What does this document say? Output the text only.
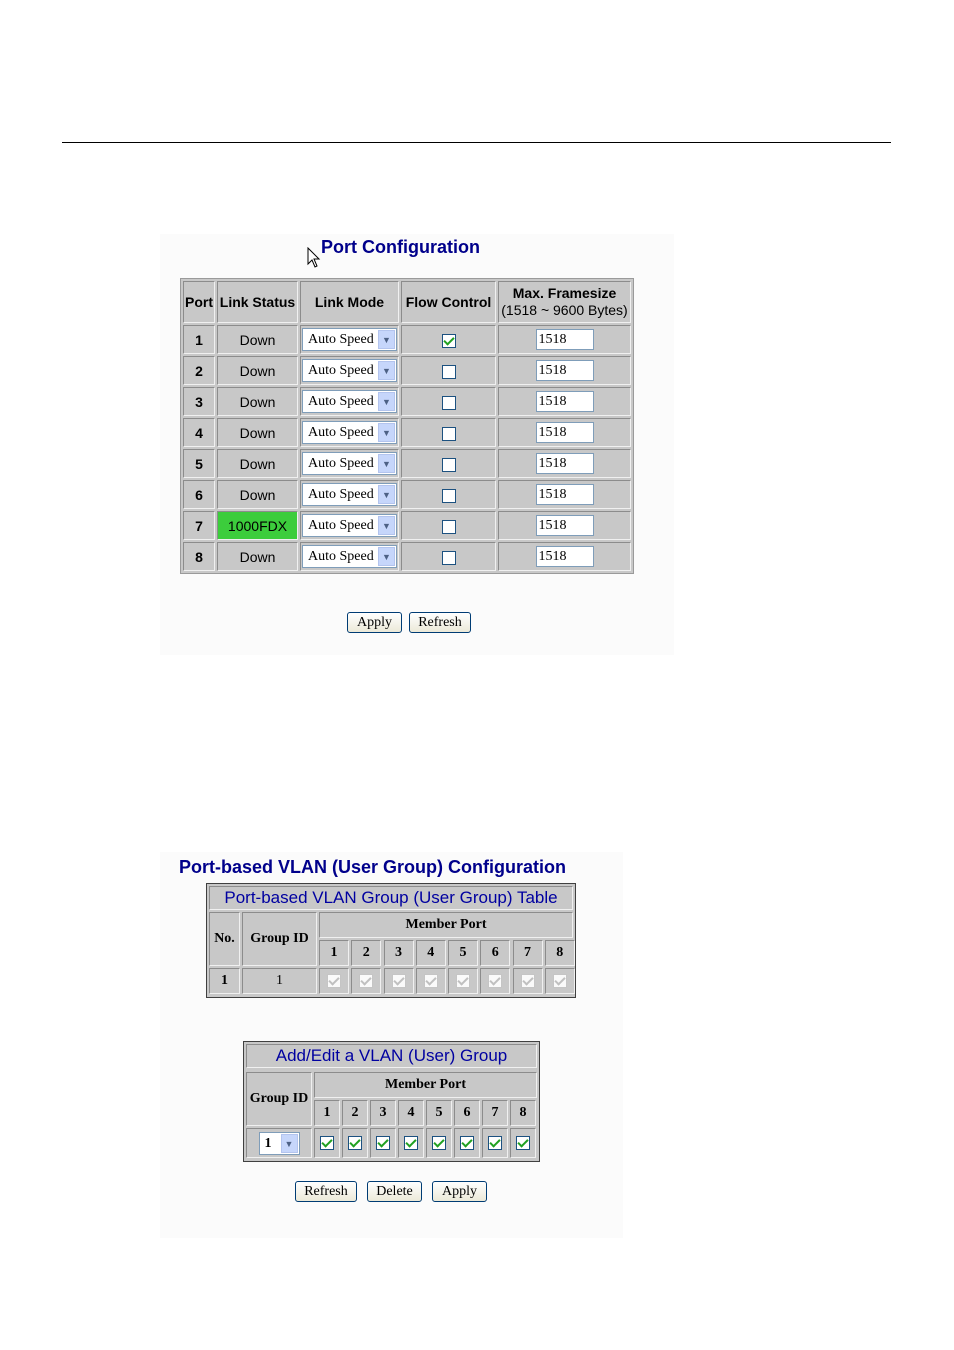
Port Configuration
Port	Link Status	Link Mode	Flow Control	Max. Framesize
(1518 ~ 9600 Bytes)
1	Down	Auto Speed ▼		1518
2	Down	Auto Speed ▼		1518
3	Down	Auto Speed ▼		1518
4	Down	Auto Speed ▼		1518
5	Down	Auto Speed ▼		1518
6	Down	Auto Speed ▼		1518
7	1000FDX	Auto Speed ▼		1518
8	Down	Auto Speed ▼		1518
Apply	Refresh
Port-based VLAN (User Group) Configuration
Port-based VLAN Group (User Group) Table
No.	Group ID
Member Port
1	2	3	4	5	6	7	8
1	1
Add/Edit a VLAN (User) Group
Group ID
Member Port
1	2	3	4	5	6	7	8
1	▼
Refresh	Delete	Apply
